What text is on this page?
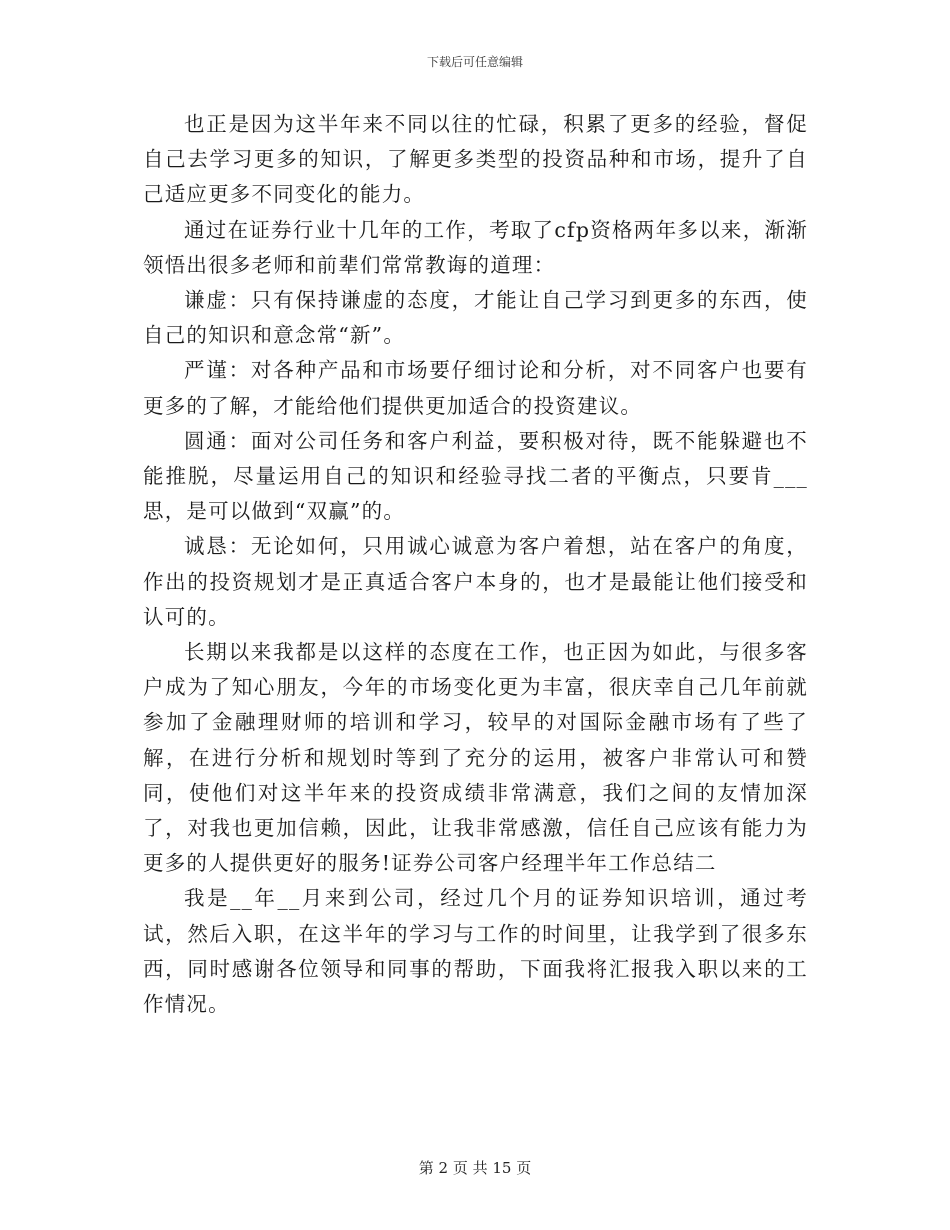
下载后可任意编辑

也正是因为这半年来不同以往的忙碌，积累了更多的经验，督促自己去学习更多的知识，了解更多类型的投资品种和市场，提升了自己适应更多不同变化的能力。

通过在证券行业十几年的工作，考取了cfp资格两年多以来，渐渐领悟出很多老师和前辈们常常教诲的道理：

谦虚：只有保持谦虚的态度，才能让自己学习到更多的东西，使自己的知识和意念常“新”。

严谨：对各种产品和市场要仔细讨论和分析，对不同客户也要有更多的了解，才能给他们提供更加适合的投资建议。

圆通：面对公司任务和客户利益，要积极对待，既不能躲避也不能推脱，尽量运用自己的知识和经验寻找二者的平衡点，只要肯___思，是可以做到“双赢”的。

诚恳：无论如何，只用诚心诚意为客户着想，站在客户的角度，作出的投资规划才是正真适合客户本身的，也才是最能让他们接受和认可的。

长期以来我都是以这样的态度在工作，也正因为如此，与很多客户成为了知心朋友，今年的市场变化更为丰富，很庆幸自己几年前就参加了金融理财师的培训和学习，较早的对国际金融市场有了些了解，在进行分析和规划时等到了充分的运用，被客户非常认可和赞同，使他们对这半年来的投资成绩非常满意，我们之间的友情加深了，对我也更加信赖，因此，让我非常感激，信任自己应该有能力为更多的人提供更好的服务!证券公司客户经理半年工作总结二

我是__年__月来到公司，经过几个月的证券知识培训，通过考试，然后入职，在这半年的学习与工作的时间里，让我学到了很多东西，同时感谢各位领导和同事的帮助，下面我将汇报我入职以来的工作情况。

第 2 页 共 15 页
